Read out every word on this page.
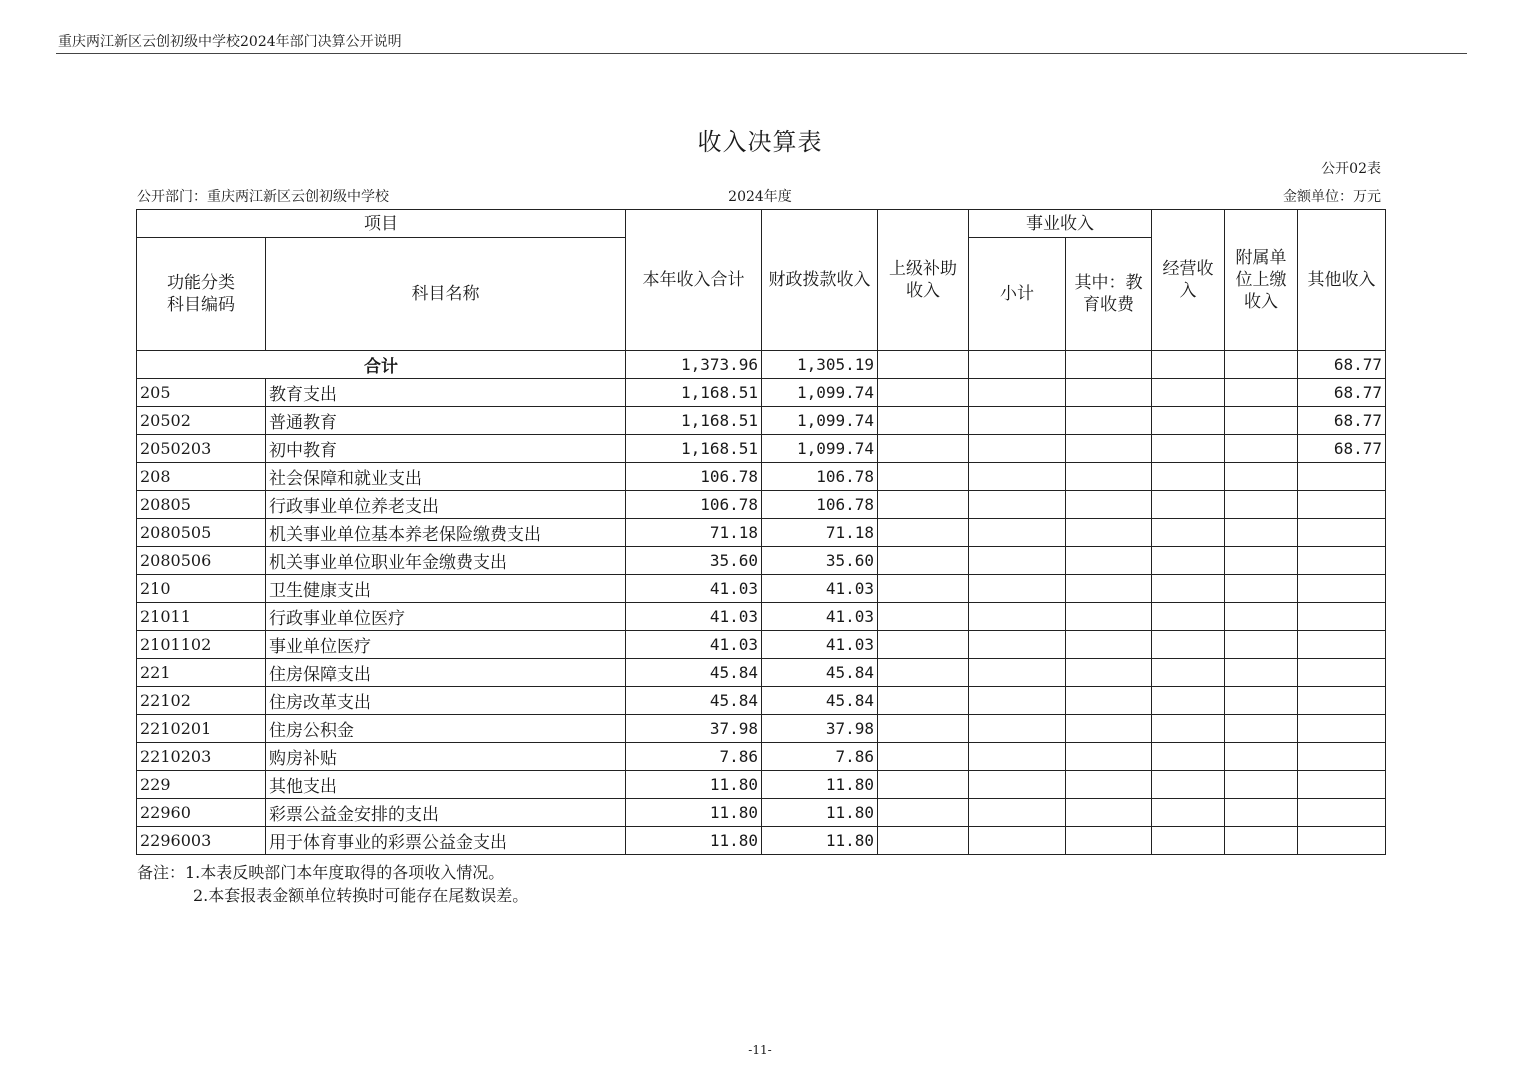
重庆两江新区云创初级中学校2024年部门决算公开说明
收入决算表
公开02表
公开部门：重庆两江新区云创初级中学校	2024年度	金额单位：万元
项目		本年收入合计	财政拨款收入	上级补助收入	事业收入		经营收入	附属单位上缴收入	其他收入

功能分类科目编码	科目名称				小计	其中：教育收费			
合计		1,373.96	1,305.19						68.77
205	教育支出	1,168.51	1,099.74						68.77
20502	普通教育	1,168.51	1,099.74						68.77
2050203	初中教育	1,168.51	1,099.74						68.77
208	社会保障和就业支出	106.78	106.78						
20805	行政事业单位养老支出	106.78	106.78						
2080505	机关事业单位基本养老保险缴费支出	71.18	71.18						
2080506	机关事业单位职业年金缴费支出	35.60	35.60						
210	卫生健康支出	41.03	41.03						
21011	行政事业单位医疗	41.03	41.03						
2101102	事业单位医疗	41.03	41.03						
221	住房保障支出	45.84	45.84						
22102	住房改革支出	45.84	45.84						
2210201	住房公积金	37.98	37.98						
2210203	购房补贴	7.86	7.86						
229	其他支出	11.80	11.80						
22960	彩票公益金安排的支出	11.80	11.80						
2296003	用于体育事业的彩票公益金支出	11.80	11.80						
备注：1.本表反映部门本年度取得的各项收入情况。
2.本套报表金额单位转换时可能存在尾数误差。
-11-
